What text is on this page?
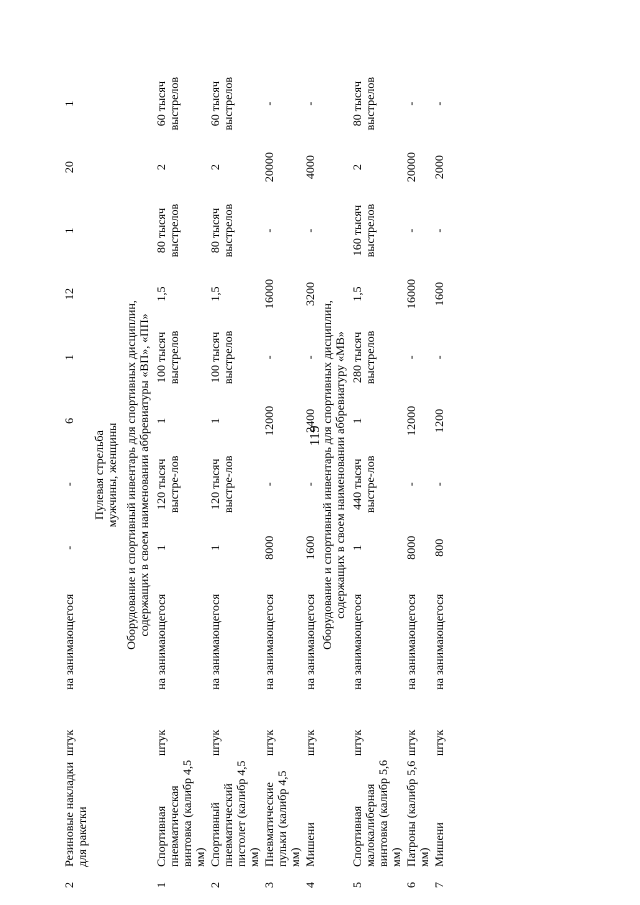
119
2	Резиновые накладки для ракетки	штук	на занимающегося	-	-	6	1	12	1	20	1
Пулевая стрельба
мужчины, женщины											
Оборудование и спортивный инвентарь для спортивных дисциплин,
содержащих в своем наименовании аббревиатуры «ВП», «ПП»											
1	Спортивная пневматическая винтовка (калибр 4,5 мм)	штук	на занимающегося	1	120 тысяч выстре-лов	1	100 тысяч выстрелов	1,5	80 тысяч выстрелов	2	60 тысяч выстрелов
2	Спортивный пневматический пистолет (калибр 4,5 мм)	штук	на занимающегося	1	120 тысяч выстре-лов	1	100 тысяч выстрелов	1,5	80 тысяч выстрелов	2	60 тысяч выстрелов
3	Пневматические пульки (калибр 4,5 мм)	штук	на занимающегося	8000	-	12000	-	16000	-	20000	-
4	Мишени	штук	на занимающегося	1600	-	2400	-	3200	-	4000	-
Оборудование и спортивный инвентарь для спортивных дисциплин,
содержащих в своем наименовании аббревиатуру «МВ»											
5	Спортивная малокалиберная винтовка (калибр 5,6 мм)	штук	на занимающегося	1	440 тысяч выстре-лов	1	280 тысяч выстрелов	1,5	160 тысяч выстрелов	2	80 тысяч выстрелов
6	Патроны (калибр 5,6 мм)	штук	на занимающегося	8000	-	12000	-	16000	-	20000	-
7	Мишени	штук	на занимающегося	800	-	1200	-	1600	-	2000	-
